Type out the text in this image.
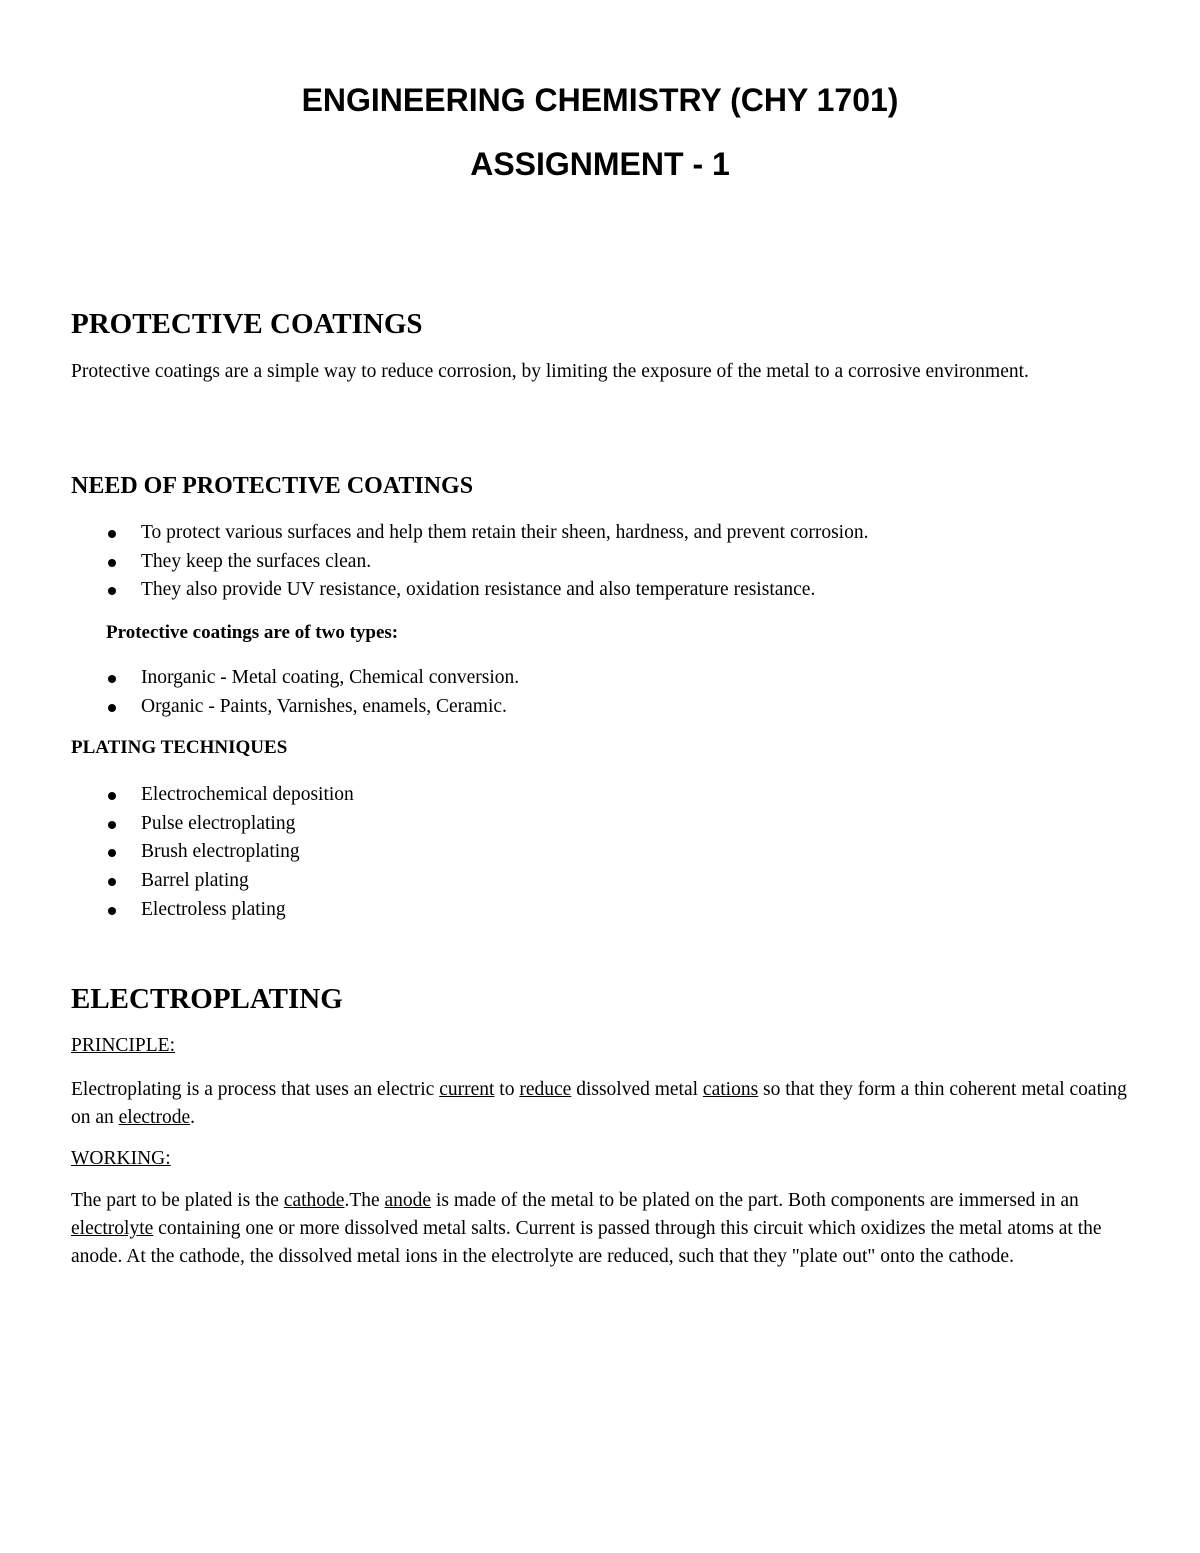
ENGINEERING CHEMISTRY (CHY 1701)
ASSIGNMENT - 1
PROTECTIVE COATINGS

Protective coatings are a simple way to reduce corrosion, by limiting the exposure of the metal to a corrosive environment.

NEED OF PROTECTIVE COATINGS
To protect various surfaces and help them retain their sheen, hardness, and prevent corrosion.
They keep the surfaces clean.
They also provide UV resistance, oxidation resistance and also temperature resistance.
Protective coatings are of two types:
Inorganic - Metal coating, Chemical conversion.
Organic - Paints, Varnishes, enamels, Ceramic.
PLATING TECHNIQUES
Electrochemical deposition
Pulse electroplating
Brush electroplating
Barrel plating
Electroless plating
ELECTROPLATING

PRINCIPLE:

Electroplating is a process that uses an electric current to reduce dissolved metal cations so that they form a thin coherent metal coating on an electrode.

WORKING:

The part to be plated is the cathode.The anode is made of the metal to be plated on the part. Both components are immersed in an electrolyte containing one or more dissolved metal salts. Current is passed through this circuit which oxidizes the metal atoms at the anode. At the cathode, the dissolved metal ions in the electrolyte are reduced, such that they "plate out" onto the cathode.
